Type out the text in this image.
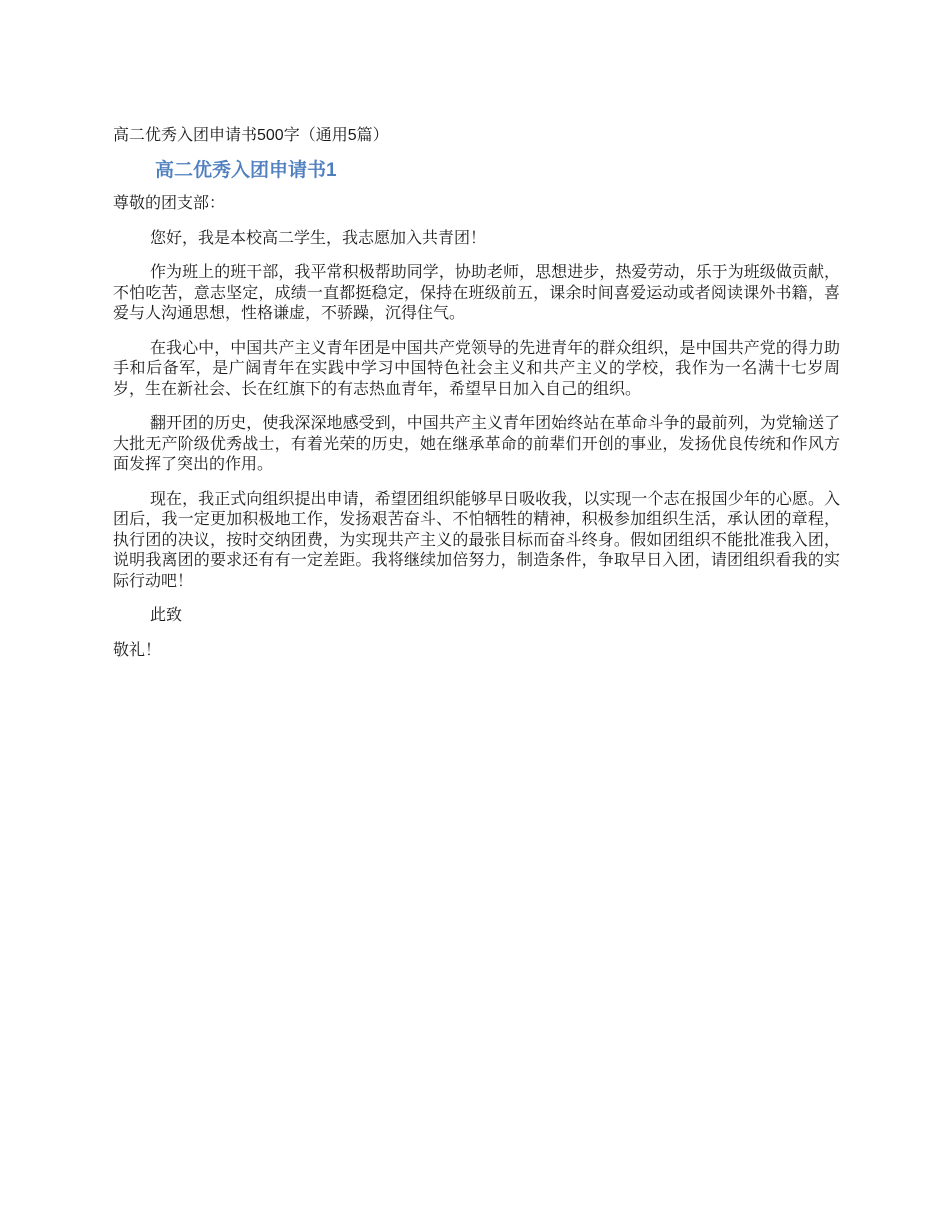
高二优秀入团申请书500字（通用5篇）
高二优秀入团申请书1
尊敬的团支部：
您好，我是本校高二学生，我志愿加入共青团！
作为班上的班干部，我平常积极帮助同学，协助老师，思想进步，热爱劳动，乐于为班级做贡献，不怕吃苦，意志坚定，成绩一直都挺稳定，保持在班级前五，课余时间喜爱运动或者阅读课外书籍，喜爱与人沟通思想，性格谦虚，不骄躁，沉得住气。
在我心中，中国共产主义青年团是中国共产党领导的先进青年的群众组织，是中国共产党的得力助手和后备军，是广阔青年在实践中学习中国特色社会主义和共产主义的学校，我作为一名满十七岁周岁，生在新社会、长在红旗下的有志热血青年，希望早日加入自己的组织。
翻开团的历史，使我深深地感受到，中国共产主义青年团始终站在革命斗争的最前列，为党输送了大批无产阶级优秀战士，有着光荣的历史，她在继承革命的前辈们开创的事业，发扬优良传统和作风方面发挥了突出的作用。
现在，我正式向组织提出申请，希望团组织能够早日吸收我，以实现一个志在报国少年的心愿。入团后，我一定更加积极地工作，发扬艰苦奋斗、不怕牺牲的精神，积极参加组织生活，承认团的章程，执行团的决议，按时交纳团费，为实现共产主义的最张目标而奋斗终身。假如团组织不能批准我入团，说明我离团的要求还有有一定差距。我将继续加倍努力，制造条件，争取早日入团，请团组织看我的实际行动吧！
此致
敬礼！
